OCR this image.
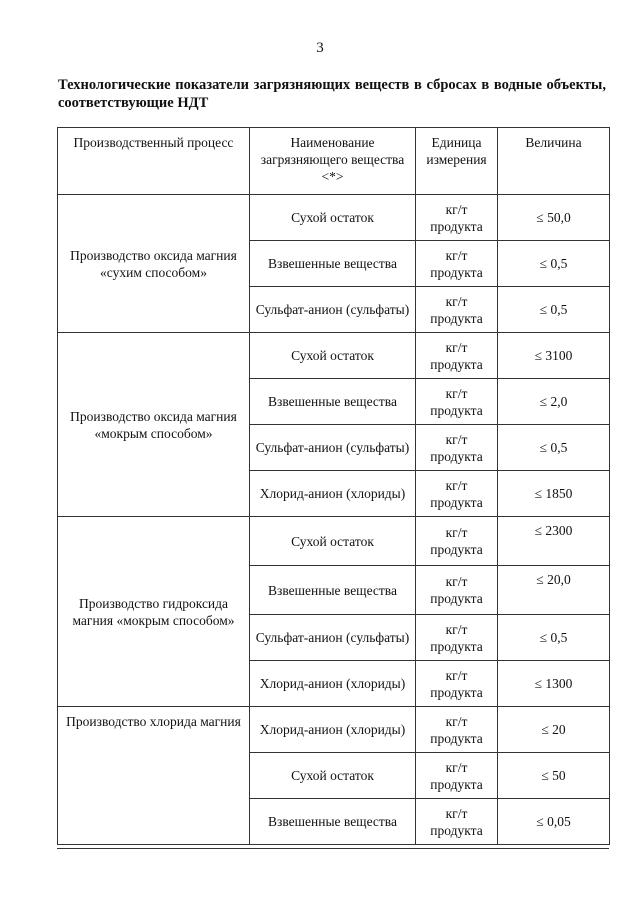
3
Технологические показатели загрязняющих веществ в сбросах в водные объекты, соответствующие НДТ
Производственный процесс	Наименование загрязняющего вещества <*>	Единица измерения	Величина
Производство оксида магния «сухим способом»	Сухой остаток	кг/т продукта	≤ 50,0
	Взвешенные вещества	кг/т продукта	≤ 0,5
	Сульфат-анион (сульфаты)	кг/т продукта	≤ 0,5
Производство оксида магния «мокрым способом»	Сухой остаток	кг/т продукта	≤ 3100
	Взвешенные вещества	кг/т продукта	≤ 2,0
	Сульфат-анион (сульфаты)	кг/т продукта	≤ 0,5
	Хлорид-анион (хлориды)	кг/т продукта	≤ 1850
Производство гидроксида магния «мокрым способом»	Сухой остаток	кг/т продукта	≤ 2300
	Взвешенные вещества	кг/т продукта	≤ 20,0
	Сульфат-анион (сульфаты)	кг/т продукта	≤ 0,5
	Хлорид-анион (хлориды)	кг/т продукта	≤ 1300
Производство хлорида магния	Хлорид-анион (хлориды)	кг/т продукта	≤ 20
	Сухой остаток	кг/т продукта	≤ 50
	Взвешенные вещества	кг/т продукта	≤ 0,05
